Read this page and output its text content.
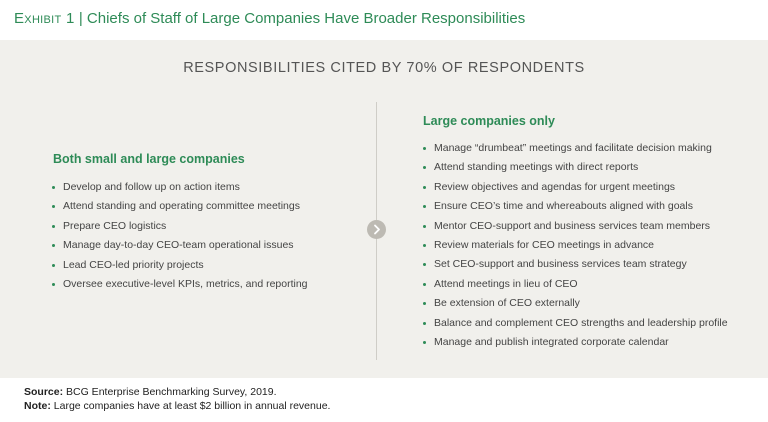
Exhibit 1 | Chiefs of Staff of Large Companies Have Broader Responsibilities
RESPONSIBILITIES CITED BY 70% OF RESPONDENTS
Both small and large companies
Develop and follow up on action items
Attend standing and operating committee meetings
Prepare CEO logistics
Manage day-to-day CEO-team operational issues
Lead CEO-led priority projects
Oversee executive-level KPIs, metrics, and reporting
Large companies only
Manage “drumbeat” meetings and facilitate decision making
Attend standing meetings with direct reports
Review objectives and agendas for urgent meetings
Ensure CEO’s time and whereabouts aligned with goals
Mentor CEO-support and business services team members
Review materials for CEO meetings in advance
Set CEO-support and business services team strategy
Attend meetings in lieu of CEO
Be extension of CEO externally
Balance and complement CEO strengths and leadership profile
Manage and publish integrated corporate calendar
Source: BCG Enterprise Benchmarking Survey, 2019.
Note: Large companies have at least $2 billion in annual revenue.
